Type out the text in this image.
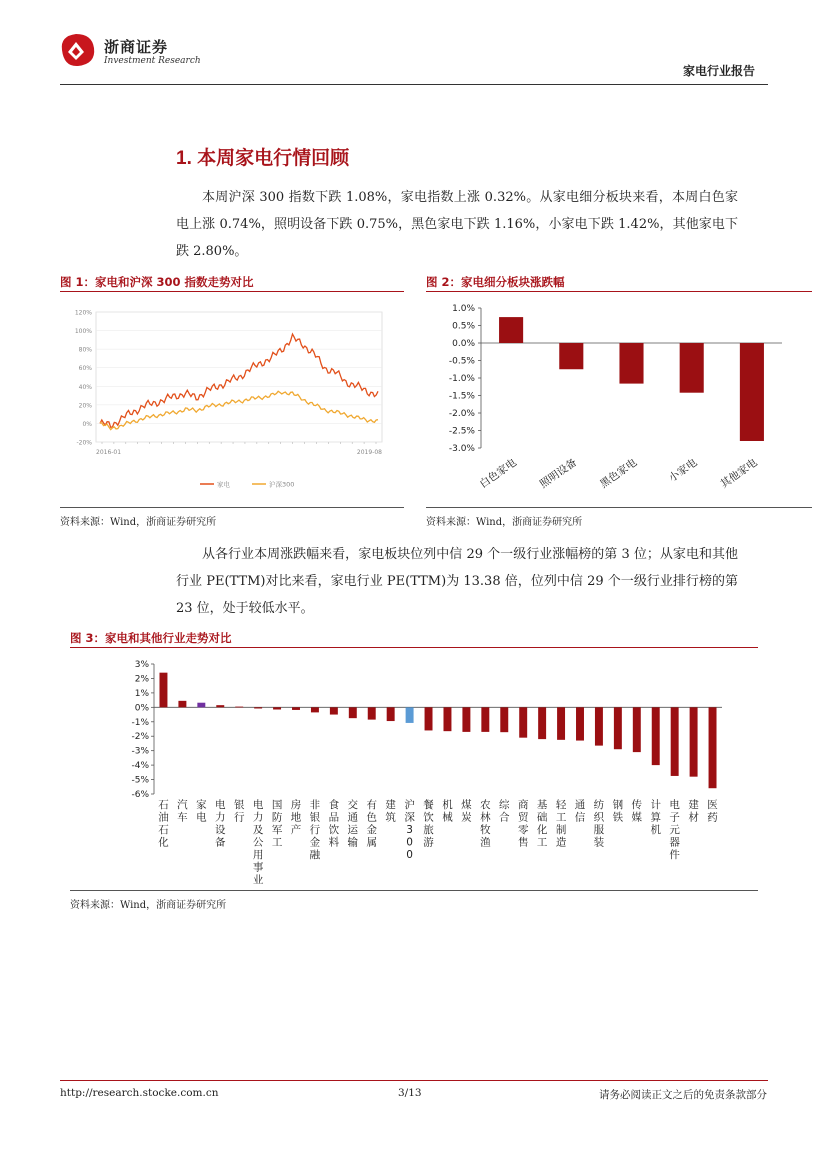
浙商证券
Investment Research
家电行业报告
1. 本周家电行情回顾

本周沪深 300 指数下跌 1.08%，家电指数上涨 0.32%。从家电细分板块来看，本周白色家电上涨 0.74%，照明设备下跌 0.75%，黑色家电下跌 1.16%，小家电下跌 1.42%，其他家电下跌 2.80%。

图 1：家电和沪深 300 指数走势对比
120%
100%
80%
60%
40%
20%
0%
-20%
2016-01	2019-08
家电	沪深300
资料来源：Wind，浙商证券研究所
图 2：家电细分板块涨跌幅
1.0%
0.5%
0.0%
-0.5%
-1.0%
-1.5%
-2.0%
-2.5%
-3.0%
白色家电 照明设备 黑色家电	小家电 其他家电
资料来源：Wind，浙商证券研究所

从各行业本周涨跌幅来看，家电板块位列中信 29 个一级行业涨幅榜的第 3 位；从家电和其他行业 PE(TTM)对比来看，家电行业 PE(TTM)为 13.38 倍，位列中信 29 个一级行业排行榜的第 23 位，处于较低水平。

图 3：家电和其他行业走势对比
3%
2%
1%
0%
-1%
-2%
-3%
-4%
-5%
-6%
石油石化
汽车
家电
电力设备
银行
电力及公用事业
国防军工
房地产
非银行金融
食品饮料
交通运输
有色金属
建筑
沪深 3 0 0
餐饮旅游
机械
煤炭
农林牧渔
综合
商贸零售
基础化工
轻工制造
通信
纺织服装
钢铁
传媒
计算机
电子元器件
建材
医药
资料来源：Wind，浙商证券研究所
http://research.stocke.com.cn	3/13	请务必阅读正文之后的免责条款部分
